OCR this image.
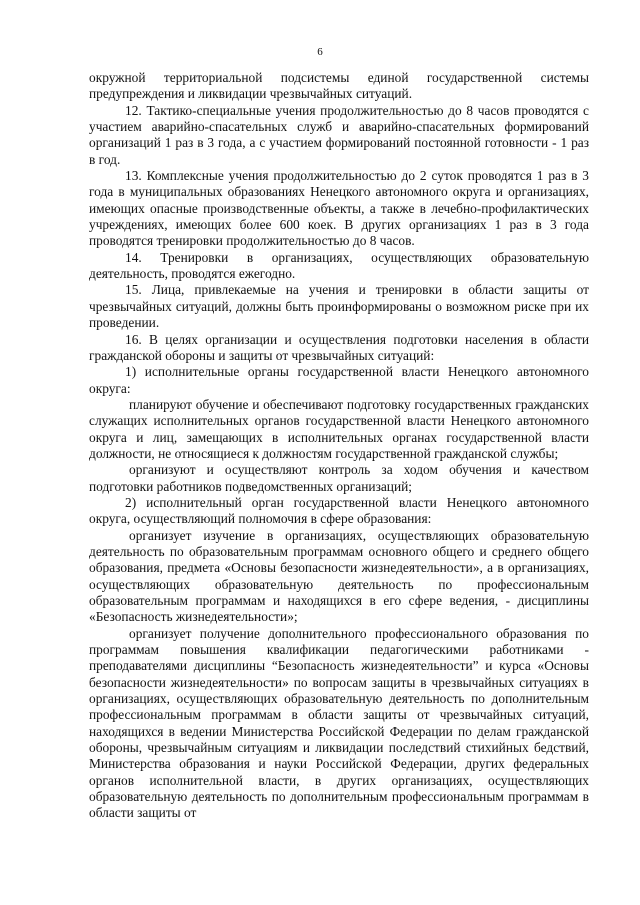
6

окружной территориальной подсистемы единой государственной системы предупреждения и ликвидации чрезвычайных ситуаций.

12. Тактико-специальные учения продолжительностью до 8 часов проводятся с участием аварийно-спасательных служб и аварийно-спасательных формирований организаций 1 раз в 3 года, а с участием формирований постоянной готовности - 1 раз в год.

13. Комплексные учения продолжительностью до 2 суток проводятся 1 раз в 3 года в муниципальных образованиях Ненецкого автономного округа и организациях, имеющих опасные производственные объекты, а также в лечебно-профилактических учреждениях, имеющих более 600 коек. В других организациях 1 раз в 3 года проводятся тренировки продолжительностью до 8 часов.

14. Тренировки в организациях, осуществляющих образовательную деятельность, проводятся ежегодно.

15. Лица, привлекаемые на учения и тренировки в области защиты от чрезвычайных ситуаций, должны быть проинформированы о возможном риске при их проведении.

16. В целях организации и осуществления подготовки населения в области гражданской обороны и защиты от чрезвычайных ситуаций:

1) исполнительные органы государственной власти Ненецкого автономного округа:

планируют обучение и обеспечивают подготовку государственных гражданских служащих исполнительных органов государственной власти Ненецкого автономного округа и лиц, замещающих в исполнительных органах государственной власти должности, не относящиеся к должностям государственной гражданской службы;

организуют и осуществляют контроль за ходом обучения и качеством подготовки работников подведомственных организаций;

2) исполнительный орган государственной власти Ненецкого автономного округа, осуществляющий полномочия в сфере образования:

организует изучение в организациях, осуществляющих образовательную деятельность по образовательным программам основного общего и среднего общего образования, предмета «Основы безопасности жизнедеятельности», а в организациях, осуществляющих образовательную деятельность по профессиональным образовательным программам и находящихся в его сфере ведения, - дисциплины «Безопасность жизнедеятельности»;

организует получение дополнительного профессионального образования по программам повышения квалификации педагогическими работниками - преподавателями дисциплины “Безопасность жизнедеятельности” и курса «Основы безопасности жизнедеятельности» по вопросам защиты в чрезвычайных ситуациях в организациях, осуществляющих образовательную деятельность по дополнительным профессиональным программам в области защиты от чрезвычайных ситуаций, находящихся в ведении Министерства Российской Федерации по делам гражданской обороны, чрезвычайным ситуациям и ликвидации последствий стихийных бедствий, Министерства образования и науки Российской Федерации, других федеральных органов исполнительной власти, в других организациях, осуществляющих образовательную деятельность по дополнительным профессиональным программам в области защиты от
